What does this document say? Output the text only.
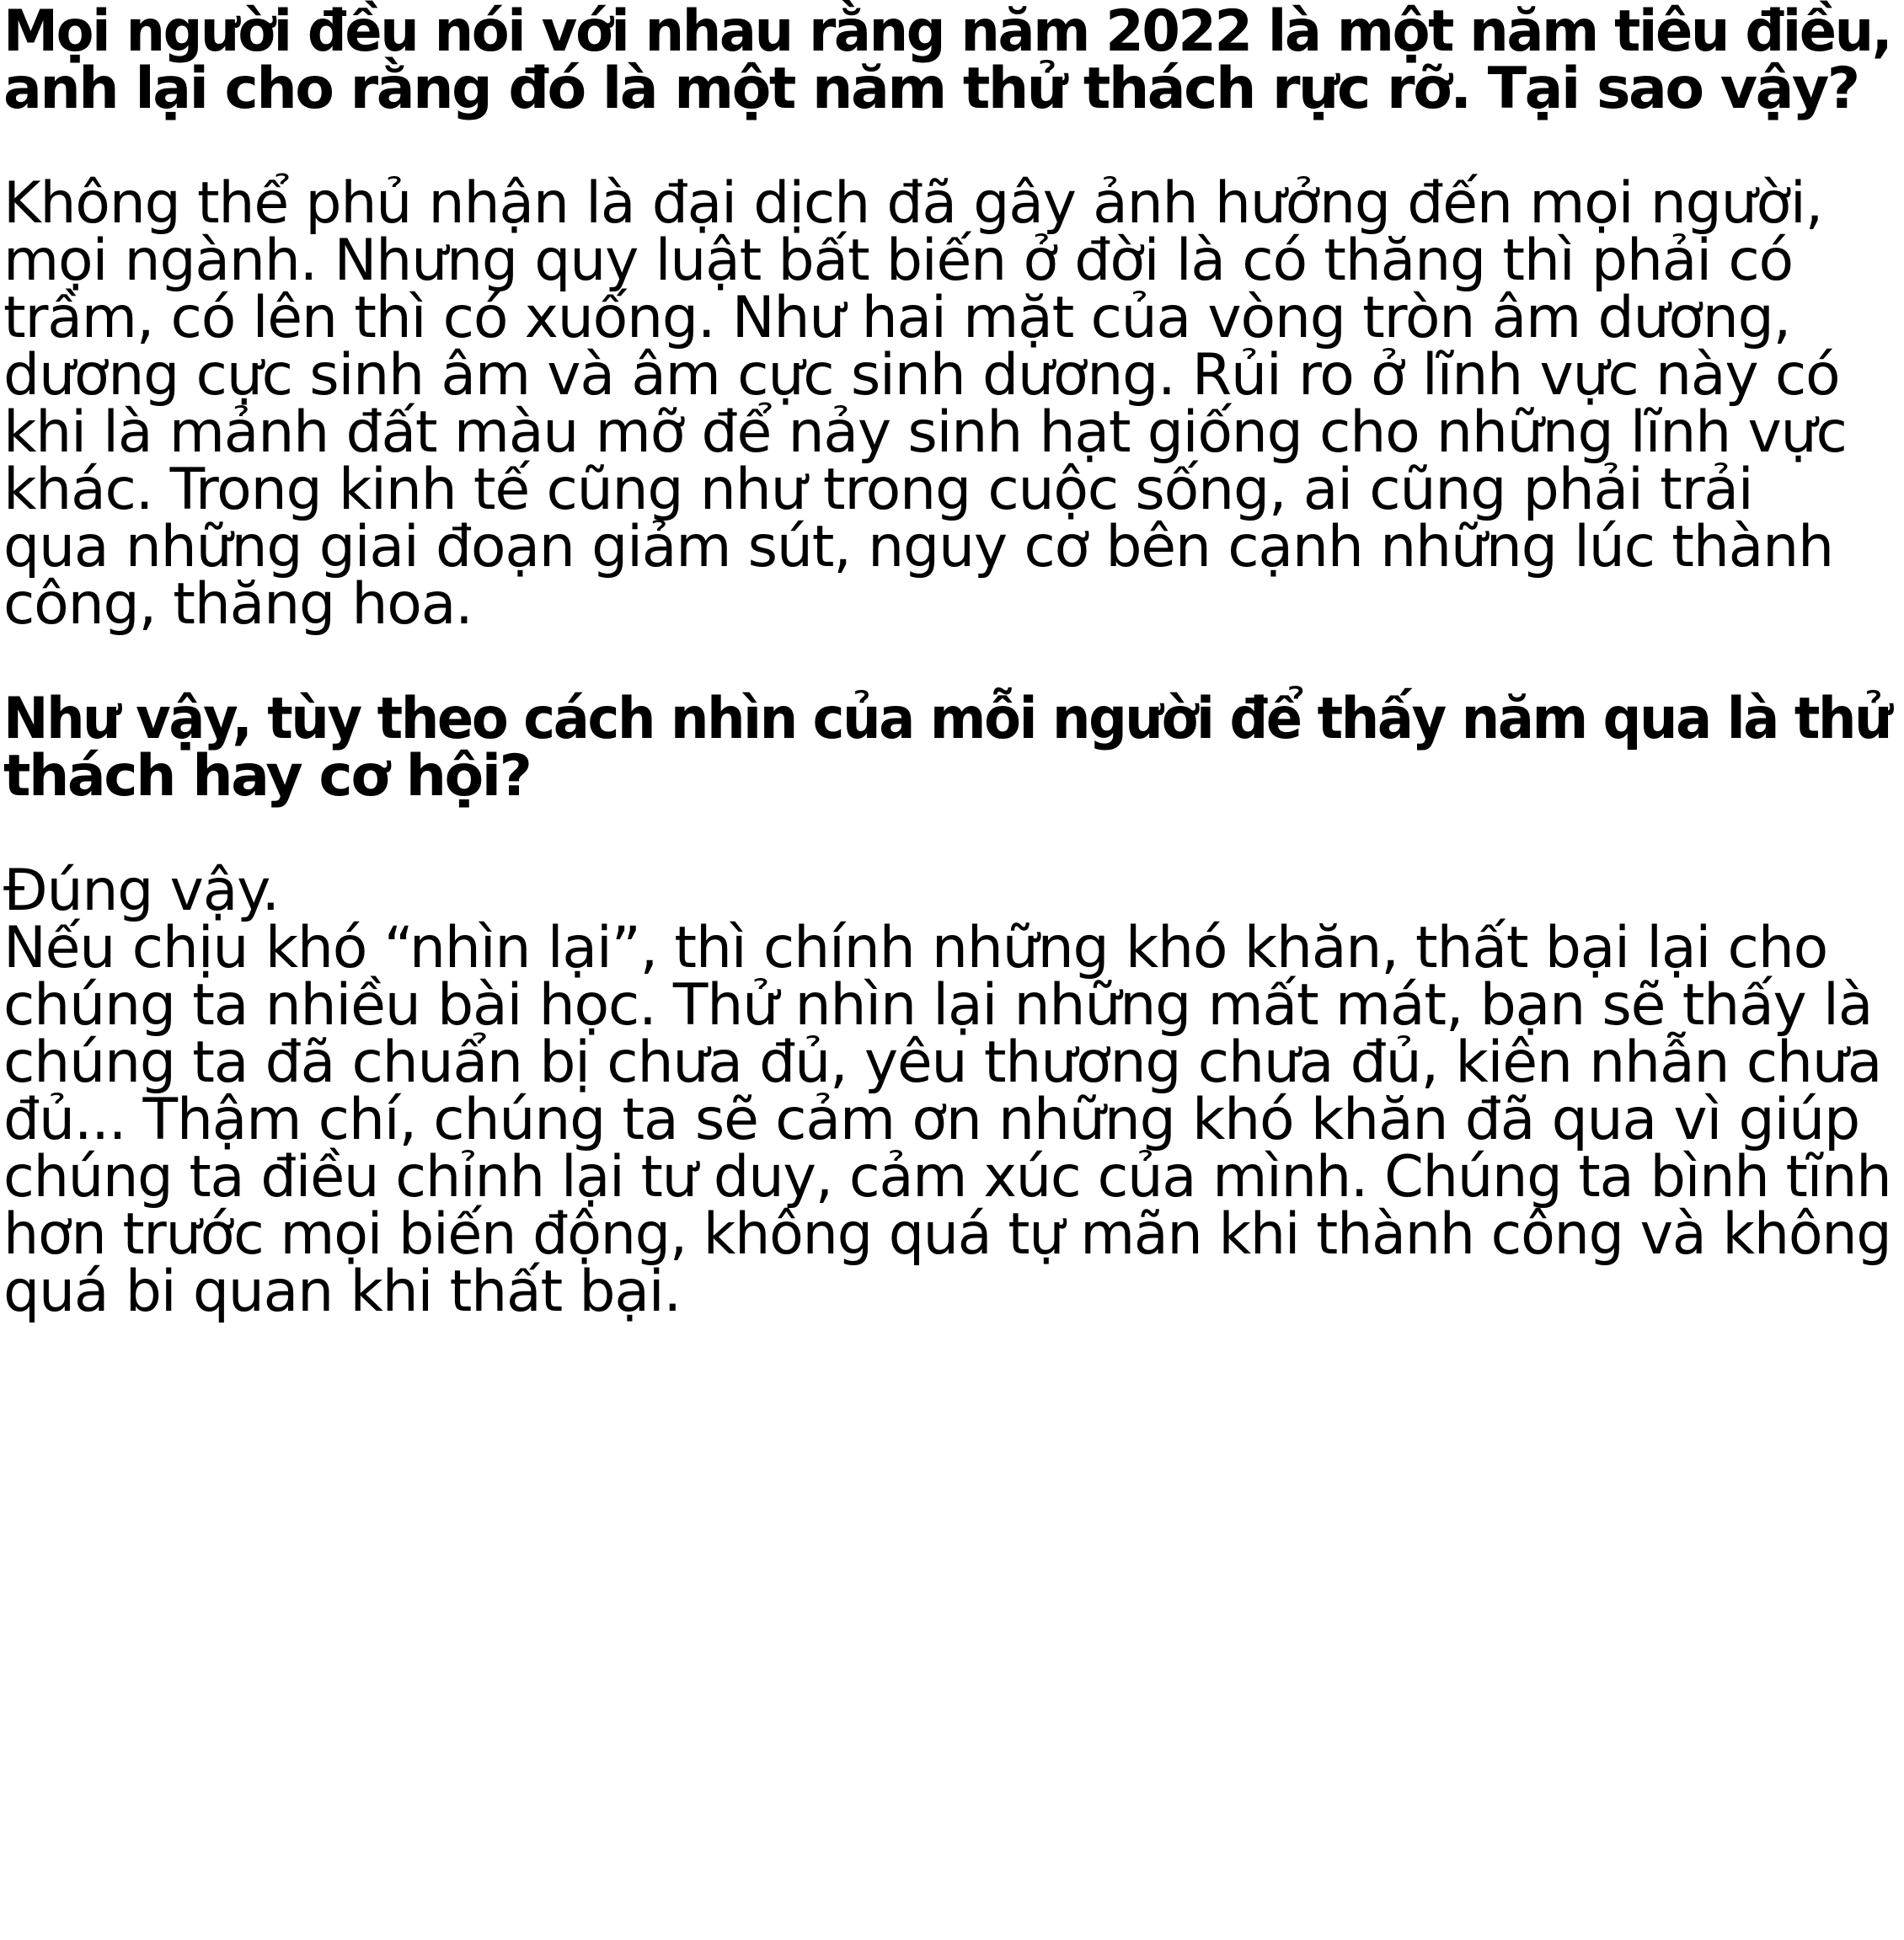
Mọi người đều nói với nhau rằng năm 2022 là một năm tiêu điều,

anh lại cho rằng đó là một năm thử thách rực rỡ. Tại sao vậy?

Không thể phủ nhận là đại dịch đã gây ảnh hưởng đến mọi người,

mọi ngành. Nhưng quy luật bất biến ở đời là có thăng thì phải có

trầm, có lên thì có xuống. Như hai mặt của vòng tròn âm dương,

dương cực sinh âm và âm cực sinh dương. Rủi ro ở lĩnh vực này có

khi là mảnh đất màu mỡ để nảy sinh hạt giống cho những lĩnh vực

khác. Trong kinh tế cũng như trong cuộc sống, ai cũng phải trải

qua những giai đoạn giảm sút, nguy cơ bên cạnh những lúc thành

công, thăng hoa.

Như vậy, tùy theo cách nhìn của mỗi người để thấy năm qua là thử

thách hay cơ hội?

Đúng vậy.

Nếu chịu khó “nhìn lại”, thì chính những khó khăn, thất bại lại cho

chúng ta nhiều bài học. Thử nhìn lại những mất mát, bạn sẽ thấy là

chúng ta đã chuẩn bị chưa đủ, yêu thương chưa đủ, kiên nhẫn chưa

đủ... Thậm chí, chúng ta sẽ cảm ơn những khó khăn đã qua vì giúp

chúng ta điều chỉnh lại tư duy, cảm xúc của mình. Chúng ta bình tĩnh

hơn trước mọi biến động, không quá tự mãn khi thành công và không

quá bi quan khi thất bại.
